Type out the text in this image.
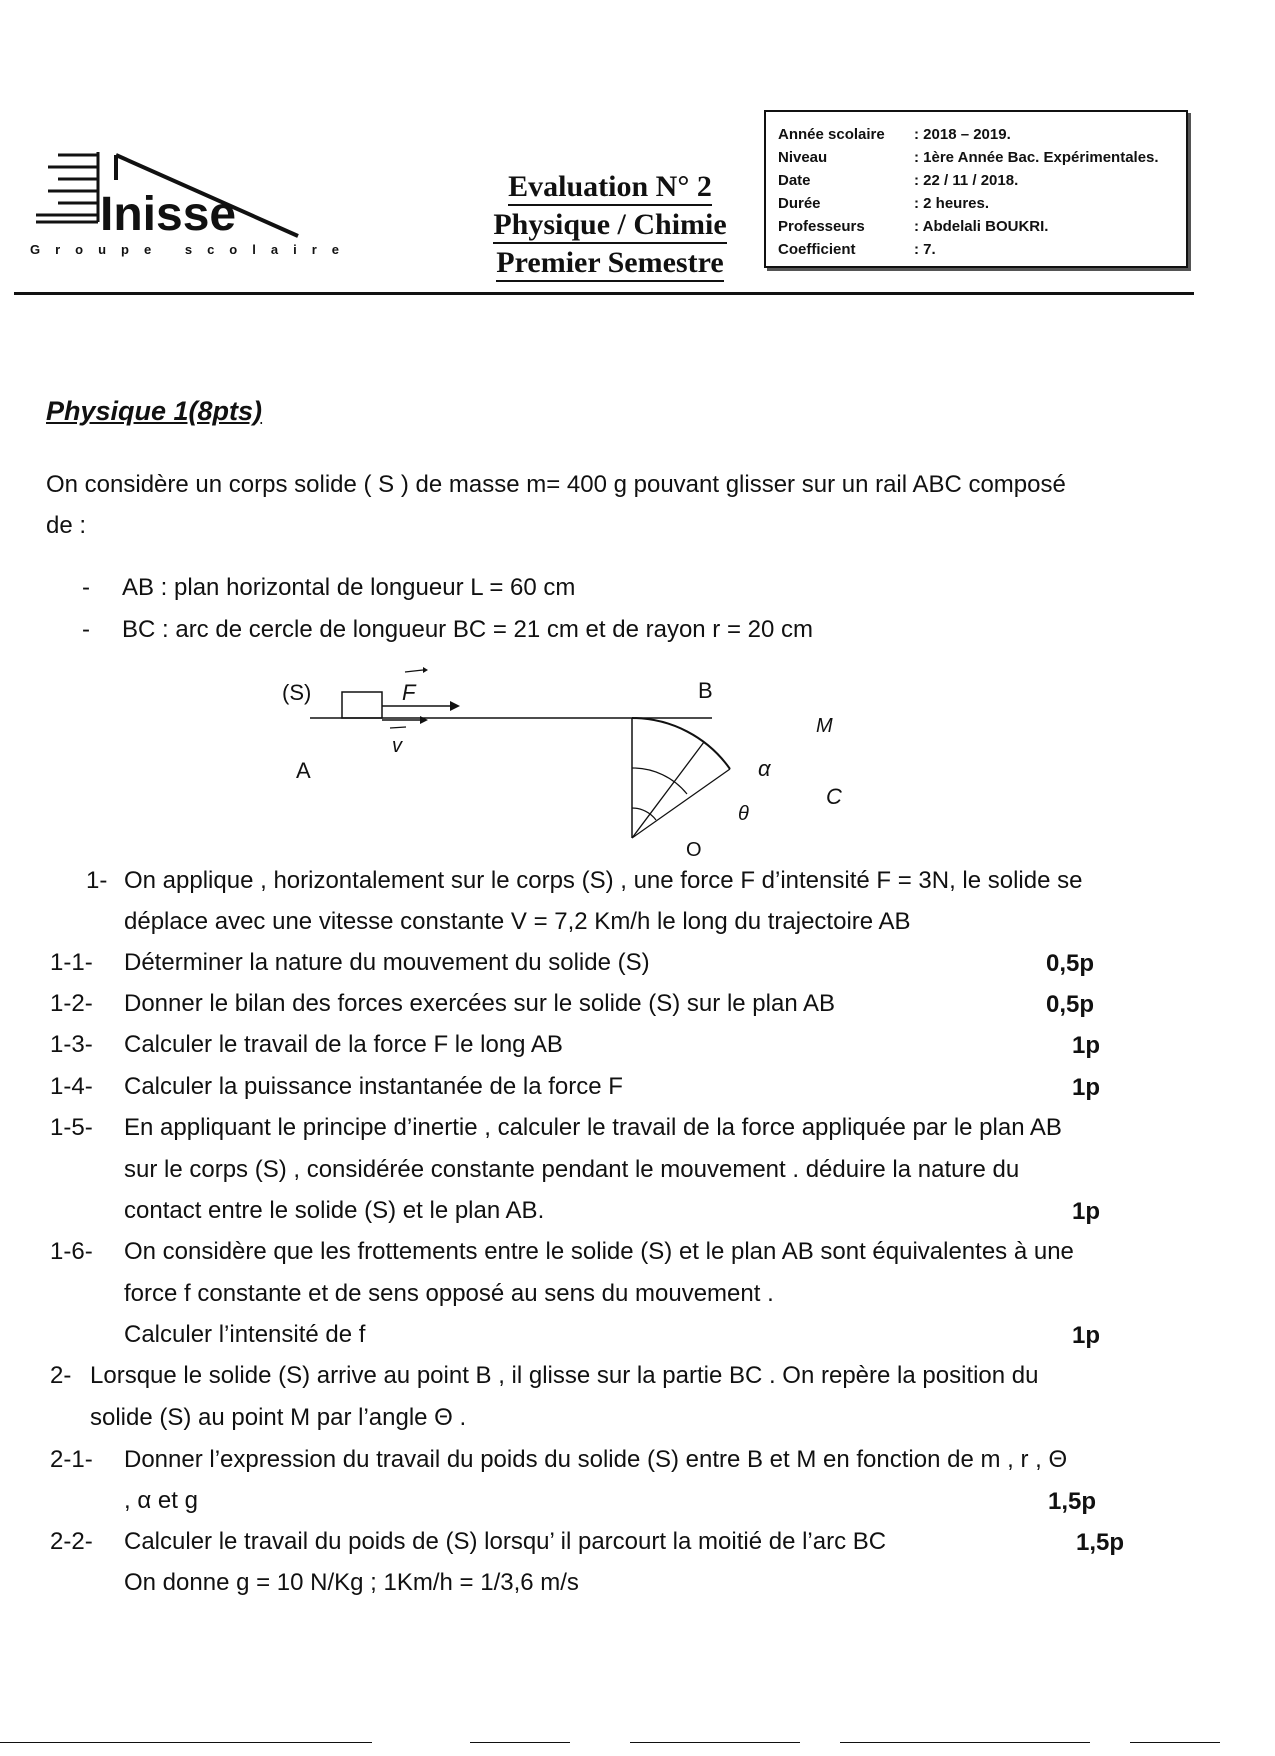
Inisse
Groupe scolaire
Evaluation N° 2
Physique / Chimie
Premier Semestre
Année scolaire	: 2018 – 2019.
Niveau	: 1ère Année Bac. Expérimentales.
Date	: 22 / 11 / 2018.
Durée	: 2 heures.
Professeurs	: Abdelali BOUKRI.
Coefficient	: 7.
Physique 1(8pts)
On considère un corps solide ( S ) de masse m= 400 g pouvant glisser sur un rail ABC composé
de :
- AB : plan horizontal de longueur L = 60 cm
- BC : arc de cercle de longueur BC = 21 cm et de rayon r = 20 cm
(S)	F
v
A
B
M
C
O
α
θ
1- On applique , horizontalement sur le corps (S) , une force F d’intensité F = 3N, le solide se
déplace avec une vitesse constante V = 7,2 Km/h le long du trajectoire AB
1-1- Déterminer la nature du mouvement du solide (S)	0,5p
1-2- Donner le bilan des forces exercées sur le solide (S) sur le plan AB	0,5p
1-3- Calculer le travail de la force F le long AB	1p
1-4- Calculer la puissance instantanée de la force F	1p
1-5- En appliquant le principe d’inertie , calculer le travail de la force appliquée par le plan AB
sur le corps (S) , considérée constante pendant le mouvement . déduire la nature du
contact entre le solide (S) et le plan AB.	1p
1-6- On considère que les frottements entre le solide (S) et le plan AB sont équivalentes à une
force f constante et de sens opposé au sens du mouvement .
Calculer l’intensité de f	1p
2- Lorsque le solide (S) arrive au point B , il glisse sur la partie BC . On repère la position du
solide (S) au point M par l’angle Θ .
2-1- Donner l’expression du travail du poids du solide (S) entre B et M en fonction de m , r , Θ
, α et g	1,5p
2-2- Calculer le travail du poids de (S) lorsqu’ il parcourt la moitié de l’arc BC	1,5p
On donne g = 10 N/Kg ; 1Km/h = 1/3,6 m/s
